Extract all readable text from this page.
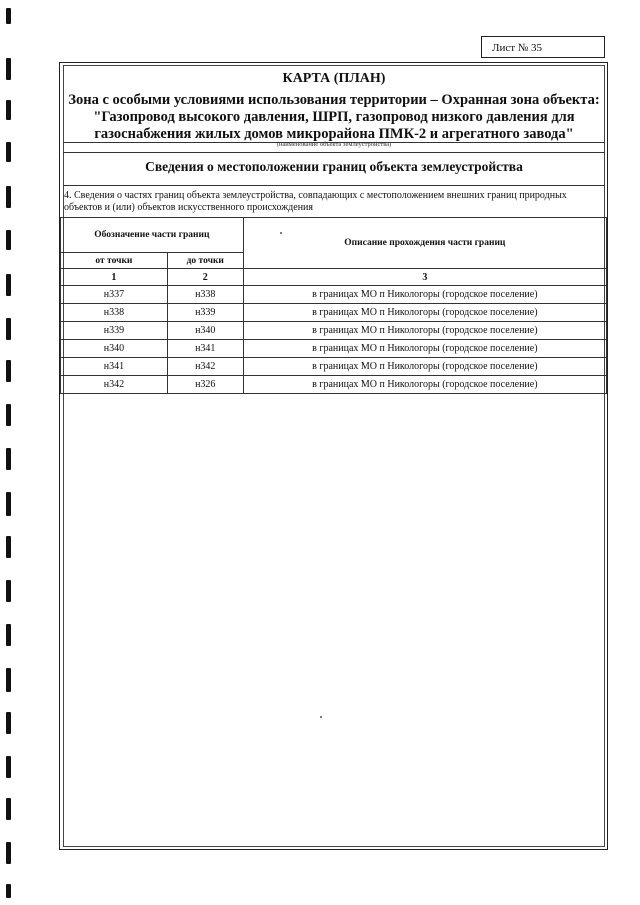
Лист № 35
КАРТА (ПЛАН)
Зона с особыми условиями использования территории – Охранная зона объекта:
"Газопровод высокого давления, ШРП, газопровод низкого давления для
газоснабжения жилых домов микрорайона ПМК-2 и агрегатного завода"
(наименование объекта землеустройства)
Сведения о местоположении границ объекта землеустройства
4. Сведения о частях границ объекта землеустройства, совпадающих с местоположением внешних границ природных объектов и (или) объектов искусственного происхождения
Обозначение части границ		Описание прохождения части границ
от точки	до точки	
1	2	3
н337	н338	в границах МО п Никологоры (городское поселение)
н338	н339	в границах МО п Никологоры (городское поселение)
н339	н340	в границах МО п Никологоры (городское поселение)
н340	н341	в границах МО п Никологоры (городское поселение)
н341	н342	в границах МО п Никологоры (городское поселение)
н342	н326	в границах МО п Никологоры (городское поселение)
